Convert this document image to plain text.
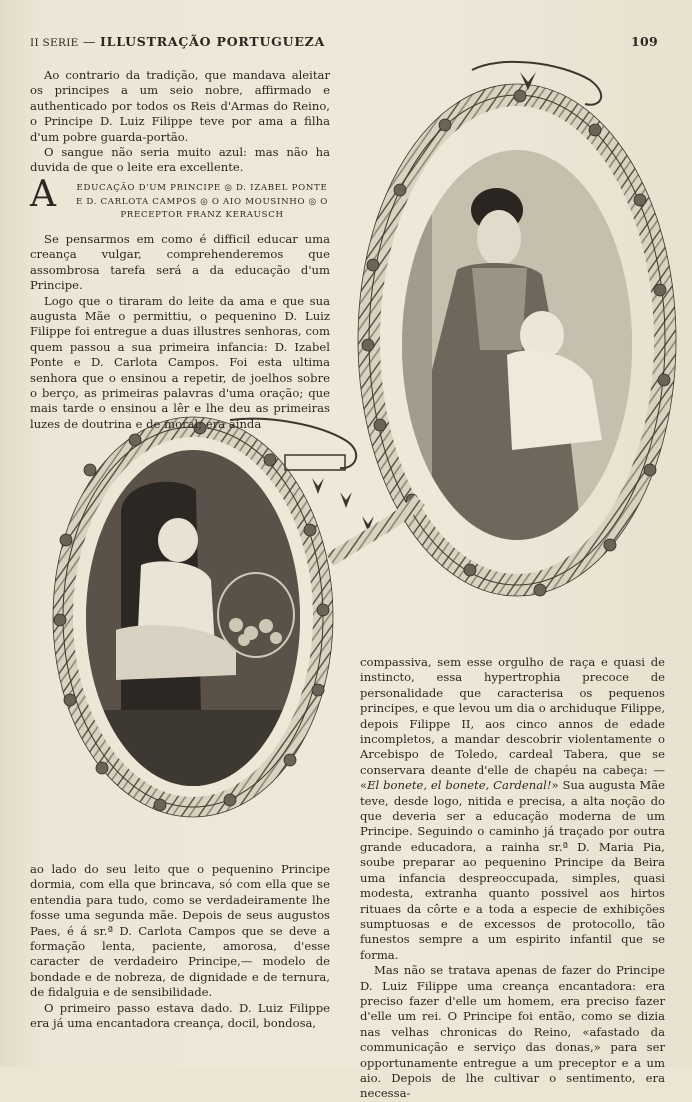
II SERIE — ILLUSTRAÇÃO PORTUGUEZA	109

Ao contrario da tradição, que mandava aleitar os principes a um seio nobre, affirmado e authenticado por todos os Reis d'Armas do Reino, o Principe D. Luiz Filippe teve por ama a filha d'um pobre guarda-portão.

O sangue não seria muito azul: mas não ha duvida de que o leite era excellente.

A	EDUCAÇÃO D'UM PRINCIPE ◎ D. IZABEL PONTE
E D. CARLOTA CAMPOS ◎ O AIO MOUSINHO ◎ O
PRECEPTOR FRANZ KERAUSCH

Se pensarmos em como é difficil educar uma creança vulgar, comprehenderemos que assombrosa tarefa será a da educação d'um Principe.

Logo que o tiraram do leite da ama e que sua augusta Mãe o permittiu, o pequenino D. Luiz Filippe foi entregue a duas illustres senhoras, com quem passou a sua primeira infancia: D. Izabel Ponte e D. Carlota Campos. Foi esta ultima senhora que o ensinou a repetir, de joelhos sobre o berço, as primeiras palavras d'uma oração; que mais tarde o ensinou a lêr e lhe deu as primeiras luzes de doutrina e de moral; era ainda

ao lado do seu leito que o pequenino Principe dormia, com ella que brincava, só com ella que se entendia para tudo, como se verdadeiramente lhe fosse uma segunda mãe. Depois de seus augustos Paes, é á sr.ª D. Carlota Campos que se deve a formação lenta, paciente, amorosa, d'esse caracter de verdadeiro Principe,— modelo de bondade e de nobreza, de dignidade e de ternura, de fidalguia e de sensibilidade.

O primeiro passo estava dado. D. Luiz Filippe era já uma encantadora creança, docil, bondosa,

compassiva, sem esse orgulho de raça e quasi de instincto, essa hypertrophia precoce de personalidade que caracterisa os pequenos principes, e que levou um dia o archiduque Filippe, depois Filippe II, aos cinco annos de edade incompletos, a mandar descobrir violentamente o Arcebispo de Toledo, cardeal Tabera, que se conservara deante d'elle de chapéu na cabeça: — «El bonete, el bonete, Cardenal!» Sua augusta Mãe teve, desde logo, nitida e precisa, a alta noção do que deveria ser a educação moderna de um Principe. Seguindo o caminho já traçado por outra grande educadora, a rainha sr.ª D. Maria Pia, soube preparar ao pequenino Principe da Beira uma infancia despreoccupada, simples, quasi modesta, extranha quanto possivel aos hirtos rituaes da côrte e a toda a especie de exhibições sumptuosas e de excessos de protocollo, tão funestos sempre a um espirito infantil que se forma.

Mas não se tratava apenas de fazer do Principe D. Luiz Filippe uma creança encantadora: era preciso fazer d'elle um homem, era preciso fazer d'elle um rei. O Principe foi então, como se dizia nas velhas chronicas do Reino, «afastado da communicação e serviço das donas,» para ser opportunamente entregue a um preceptor e a um aio. Depois de lhe cultivar o sentimento, era necessa-
